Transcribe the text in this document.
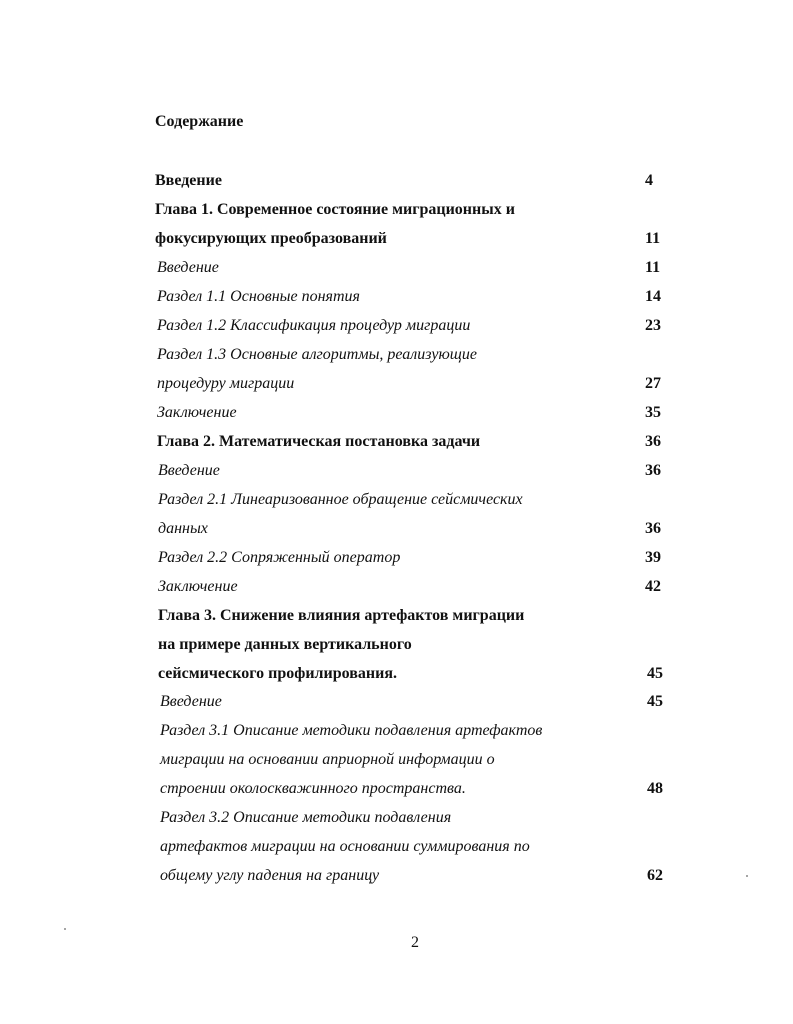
Содержание
Введение	4
Глава 1. Современное состояние миграционных и
фокусирующих преобразований	11
Введение	11
Раздел 1.1 Основные понятия	14
Раздел 1.2 Классификация процедур миграции	23
Раздел 1.3 Основные алгоритмы, реализующие
процедуру миграции	27
Заключение	35
Глава 2. Математическая постановка задачи	36
Введение	36
Раздел 2.1 Линеаризованное обращение сейсмических
данных	36
Раздел 2.2 Сопряженный оператор	39
Заключение	42
Глава 3. Снижение влияния артефактов миграции
на примере данных вертикального
сейсмического профилирования.	45
Введение	45
Раздел 3.1 Описание методики подавления артефактов
миграции на основании априорной информации о
строении околоскважинного пространства.	48
Раздел 3.2 Описание методики подавления
артефактов миграции на основании суммирования по
общему углу падения на границу	62
2
